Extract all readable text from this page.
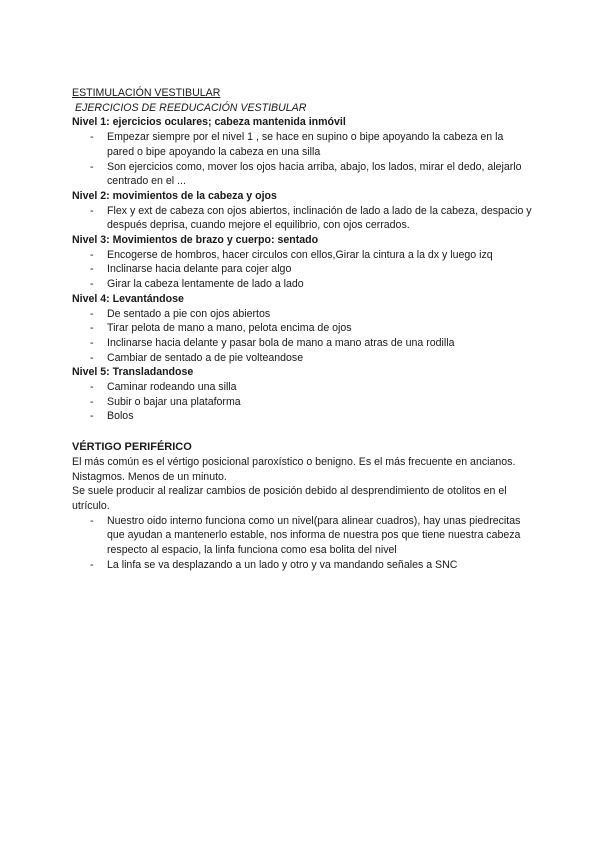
ESTIMULACIÓN VESTIBULAR
EJERCICIOS DE REEDUCACIÓN VESTIBULAR
Nivel 1: ejercicios oculares; cabeza mantenida inmóvil
- Empezar siempre por el nivel 1 , se hace en supino o bipe apoyando la cabeza en la pared o bipe apoyando la cabeza en una silla
- Son ejercicios como, mover los ojos hacia arriba, abajo, los lados, mirar el dedo, alejarlo centrado en el ...
Nivel 2: movimientos de la cabeza y ojos
- Flex y ext de cabeza con ojos abiertos, inclinación de lado a lado de la cabeza, despacio y después deprisa, cuando mejore el equilibrio, con ojos cerrados.
Nivel 3: Movimientos de brazo y cuerpo: sentado
- Encogerse de hombros, hacer circulos con ellos,Girar la cintura a la dx y luego izq
- Inclinarse hacia delante para cojer algo
- Girar la cabeza lentamente de lado a lado
Nivel 4: Levantándose
- De sentado a pie con ojos abiertos
- Tirar pelota de mano a mano, pelota encima de ojos
- Inclinarse hacia delante y pasar bola de mano a mano atras de una rodilla
- Cambiar de sentado a de pie volteandose
Nivel 5: Transladandose
- Caminar rodeando una silla
- Subir o bajar una plataforma
- Bolos
VÉRTIGO PERIFÉRICO

El más común es el vértigo posicional paroxístico o benigno. Es el más frecuente en ancianos. Nistagmos. Menos de un minuto.

Se suele producir al realizar cambios de posición debido al desprendimiento de otolitos en el utrículo.

- Nuestro oido interno funciona como un nivel(para alinear cuadros), hay unas piedrecitas que ayudan a mantenerlo estable, nos informa de nuestra pos que tiene nuestra cabeza respecto al espacio, la linfa funciona como esa bolita del nivel
- La linfa se va desplazando a un lado y otro y va mandando señales a SNC
